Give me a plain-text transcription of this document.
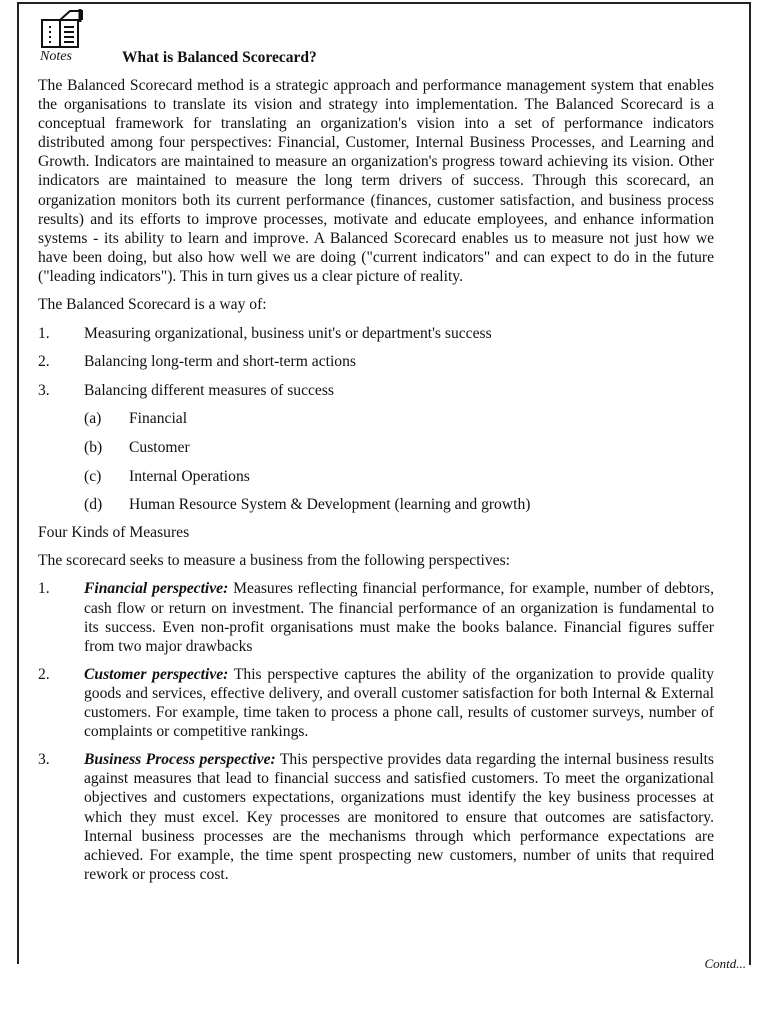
Notes	What is Balanced Scorecard?

The Balanced Scorecard method is a strategic approach and performance management system that enables the organisations to translate its vision and strategy into implementation. The Balanced Scorecard is a conceptual framework for translating an organization's vision into a set of performance indicators distributed among four perspectives: Financial, Customer, Internal Business Processes, and Learning and Growth. Indicators are maintained to measure an organization's progress toward achieving its vision. Other indicators are maintained to measure the long term drivers of success. Through this scorecard, an organization monitors both its current performance (finances, customer satisfaction, and business process results) and its efforts to improve processes, motivate and educate employees, and enhance information systems - its ability to learn and improve. A Balanced Scorecard enables us to measure not just how we have been doing, but also how well we are doing ("current indicators" and can expect to do in the future ("leading indicators"). This in turn gives us a clear picture of reality.

The Balanced Scorecard is a way of:

1.	Measuring organizational, business unit's or department's success
2.	Balancing long-term and short-term actions
3.	Balancing different measures of success
(a)	Financial
(b)	Customer
(c)	Internal Operations
(d)	Human Resource System & Development (learning and growth)

Four Kinds of Measures

The scorecard seeks to measure a business from the following perspectives:

1.	Financial perspective: Measures reflecting financial performance, for example, number of debtors, cash flow or return on investment. The financial performance of an organization is fundamental to its success. Even non-profit organisations must make the books balance. Financial figures suffer from two major drawbacks
2.	Customer perspective: This perspective captures the ability of the organization to provide quality goods and services, effective delivery, and overall customer satisfaction for both Internal & External customers. For example, time taken to process a phone call, results of customer surveys, number of complaints or competitive rankings.
3.	Business Process perspective: This perspective provides data regarding the internal business results against measures that lead to financial success and satisfied customers. To meet the organizational objectives and customers expectations, organizations must identify the key business processes at which they must excel. Key processes are monitored to ensure that outcomes are satisfactory. Internal business processes are the mechanisms through which performance expectations are achieved. For example, the time spent prospecting new customers, number of units that required rework or process cost.
Contd...
